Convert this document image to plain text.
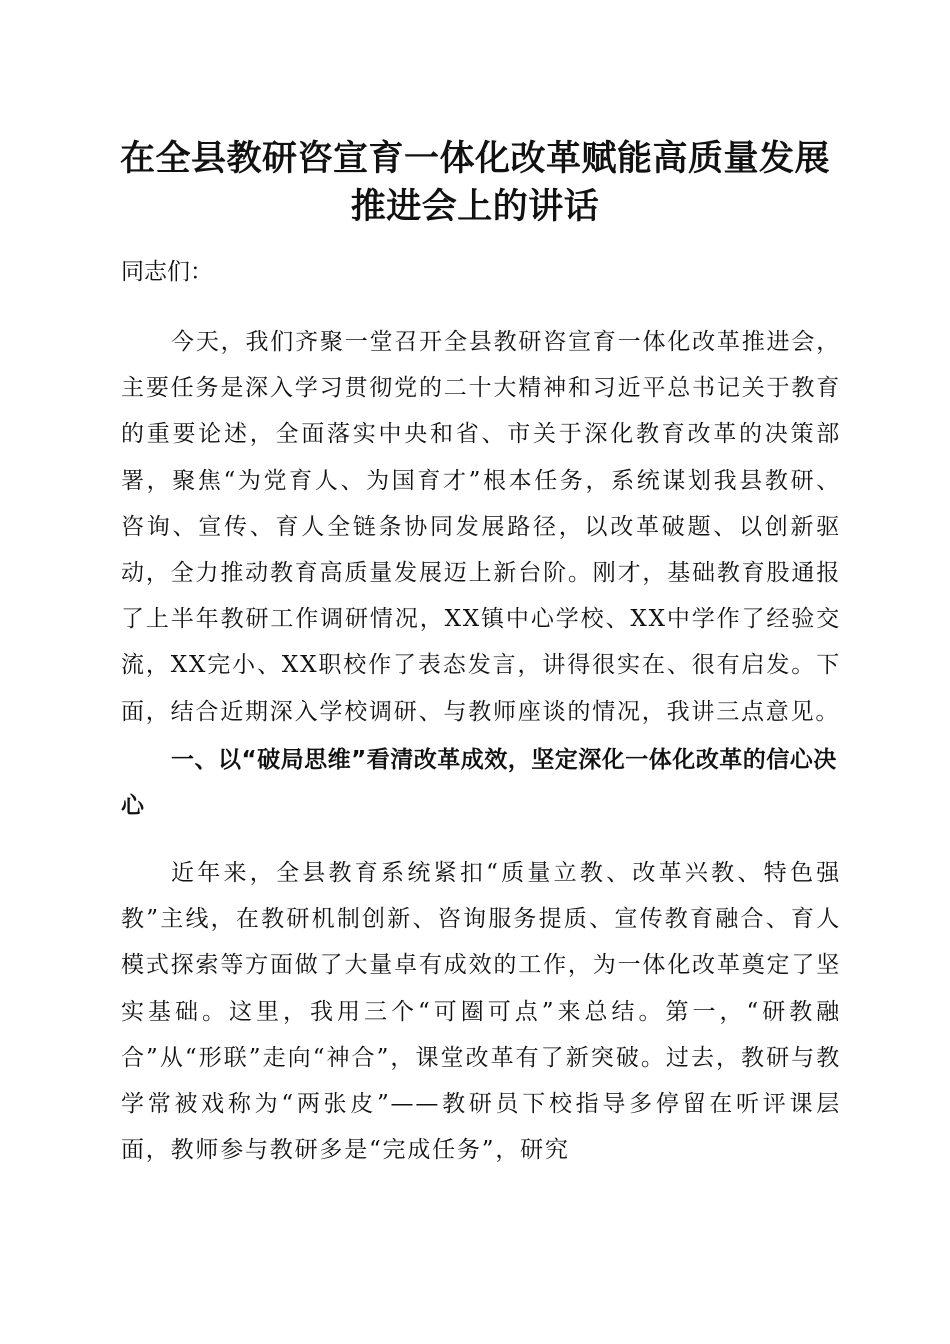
在全县教研咨宣育一体化改革赋能高质量发展
推进会上的讲话

同志们：

今天，我们齐聚一堂召开全县教研咨宣育一体化改革推进会，主要任务是深入学习贯彻党的二十大精神和习近平总书记关于教育的重要论述，全面落实中央和省、市关于深化教育改革的决策部署，聚焦“为党育人、为国育才”根本任务，系统谋划我县教研、咨询、宣传、育人全链条协同发展路径，以改革破题、以创新驱动，全力推动教育高质量发展迈上新台阶。刚才，基础教育股通报了上半年教研工作调研情况，XX镇中心学校、XX中学作了经验交流，XX完小、XX职校作了表态发言，讲得很实在、很有启发。下面，结合近期深入学校调研、与教师座谈的情况，我讲三点意见。

一、以“破局思维”看清改革成效，坚定深化一体化改革的信心决心

近年来，全县教育系统紧扣“质量立教、改革兴教、特色强教”主线，在教研机制创新、咨询服务提质、宣传教育融合、育人模式探索等方面做了大量卓有成效的工作，为一体化改革奠定了坚实基础。这里，我用三个“可圈可点”来总结。第一，“研教融合”从“形联”走向“神合”，课堂改革有了新突破。过去，教研与教学常被戏称为“两张皮”——教研员下校指导多停留在听评课层面，教师参与教研多是“完成任务”，研究
